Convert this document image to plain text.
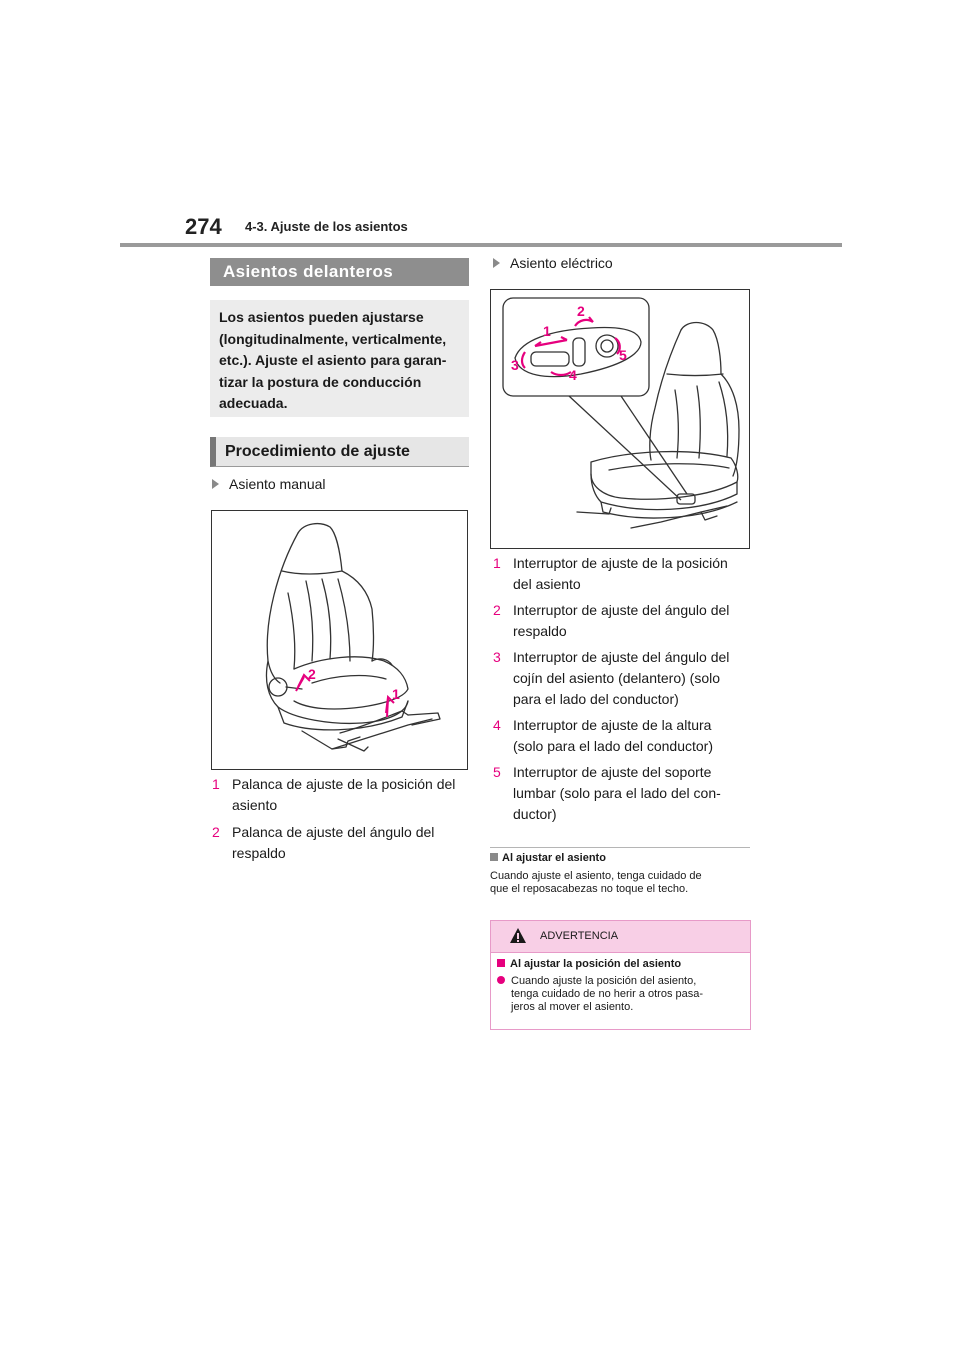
274 4-3. Ajuste de los asientos
Asientos delanteros
Los asientos pueden ajustarse
(longitudinalmente, verticalmente,
etc.). Ajuste el asiento para garan-
tizar la postura de conducción
adecuada.
Procedimiento de ajuste
Asiento manual
2
1
1 Palanca de ajuste de la posición del
asiento
2 Palanca de ajuste del ángulo del
respaldo
Asiento eléctrico
1
2
3
4
5
1 Interruptor de ajuste de la posición
del asiento
2 Interruptor de ajuste del ángulo del
respaldo
3 Interruptor de ajuste del ángulo del
cojín del asiento (delantero) (solo
para el lado del conductor)
4 Interruptor de ajuste de la altura
(solo para el lado del conductor)
5 Interruptor de ajuste del soporte
lumbar (solo para el lado del con-
ductor)
Al ajustar el asiento
Cuando ajuste el asiento, tenga cuidado de
que el reposacabezas no toque el techo.
ADVERTENCIA
Al ajustar la posición del asiento
Cuando ajuste la posición del asiento,
tenga cuidado de no herir a otros pasa-
jeros al mover el asiento.
